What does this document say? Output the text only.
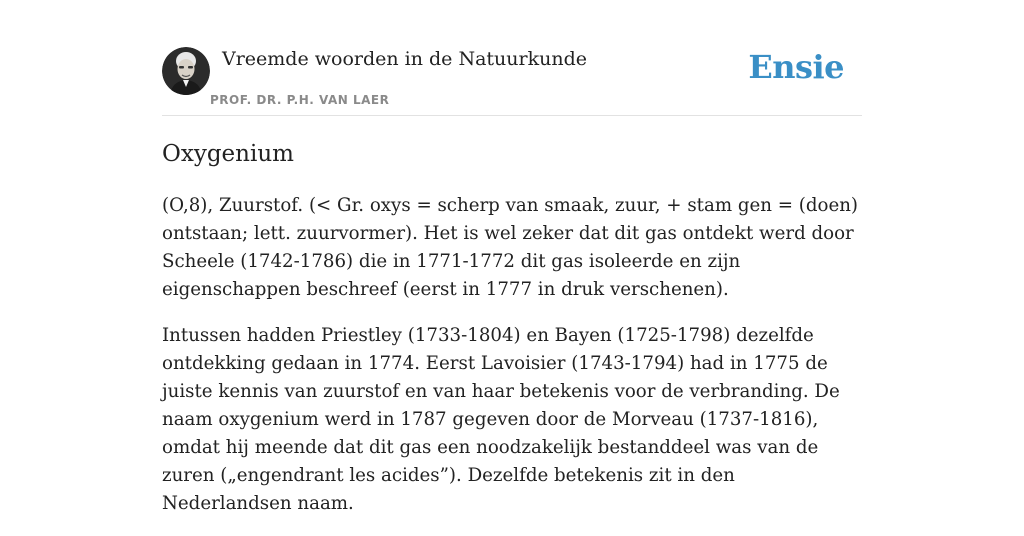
Vreemde woorden in de Natuurkunde
PROF. DR. P.H. VAN LAER
Ensie
Oxygenium

(O,8), Zuurstof. (< Gr. oxys = scherp van smaak, zuur, + stam gen = (doen) ontstaan; lett. zuurvormer). Het is wel zeker dat dit gas ontdekt werd door Scheele (1742-1786) die in 1771-1772 dit gas isoleerde en zijn eigenschappen beschreef (eerst in 1777 in druk verschenen).

Intussen hadden Priestley (1733-1804) en Bayen (1725-1798) dezelfde ontdekking gedaan in 1774. Eerst Lavoisier (1743-1794) had in 1775 de juiste kennis van zuurstof en van haar betekenis voor de verbranding. De naam oxygenium werd in 1787 gegeven door de Morveau (1737-1816), omdat hij meende dat dit gas een noodzakelijk bestanddeel was van de zuren („engendrant les acides”). Dezelfde betekenis zit in den Nederlandsen naam.
